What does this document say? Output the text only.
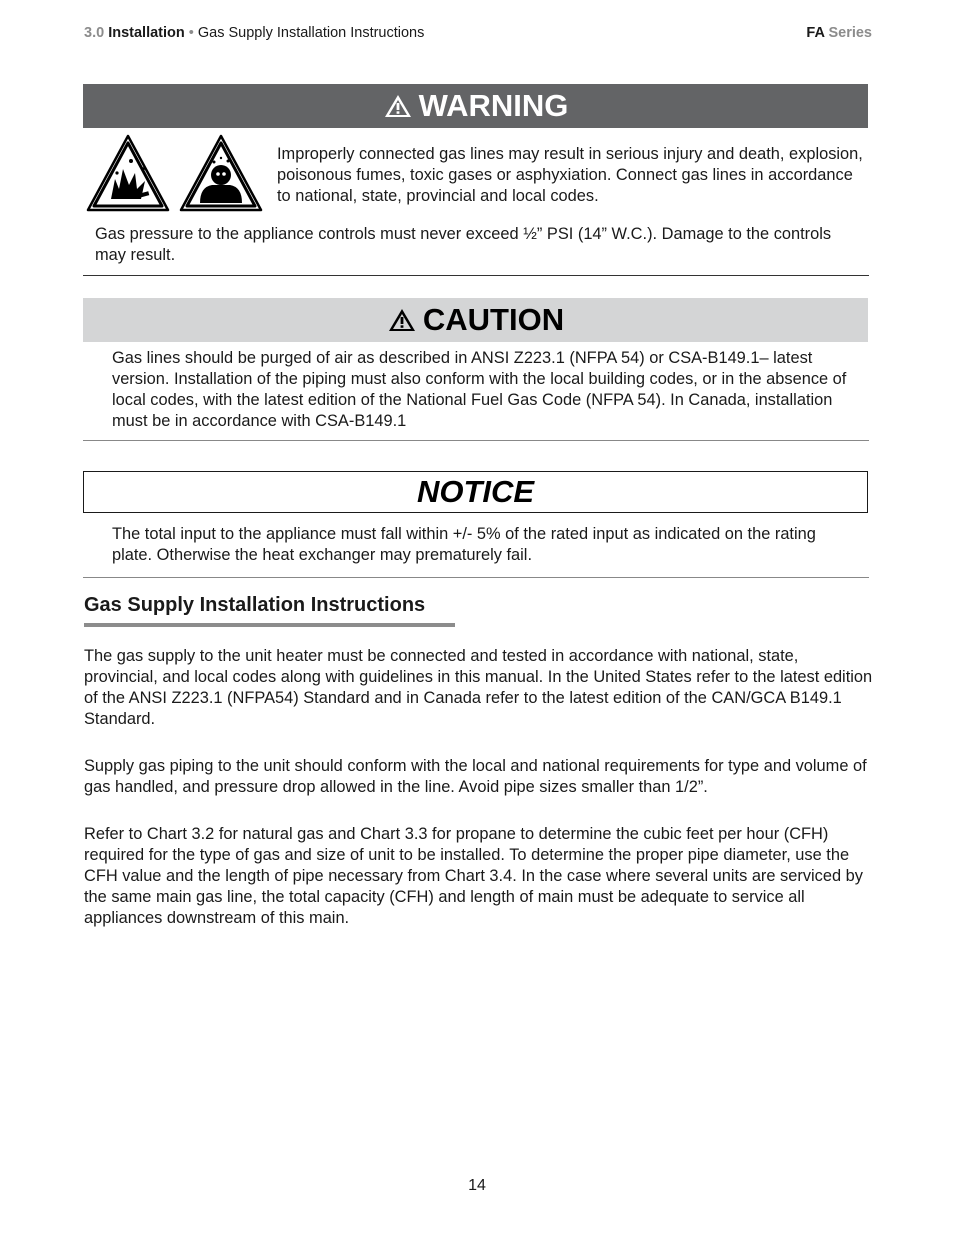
3.0 Installation • Gas Supply Installation Instructions	FA Series
WARNING

Improperly connected gas lines may result in serious injury and death, explosion, poisonous fumes, toxic gases or asphyxiation. Connect gas lines in accordance to national, state, provincial and local codes.

Gas pressure to the appliance controls must never exceed ½” PSI (14” W.C.). Damage to the controls may result.

CAUTION

Gas lines should be purged of air as described in ANSI Z223.1 (NFPA 54) or CSA-B149.1– latest version. Installation of the piping must also conform with the local building codes, or in the absence of local codes, with the latest edition of the National Fuel Gas Code (NFPA 54). In Canada, installation must be in accordance with CSA-B149.1

NOTICE

The total input to the appliance must fall within +/- 5% of the rated input as indicated on the rating plate. Otherwise the heat exchanger may prematurely fail.

Gas Supply Installation Instructions

The gas supply to the unit heater must be connected and tested in accordance with national, state, provincial, and local codes along with guidelines in this manual. In the United States refer to the latest edition of the ANSI Z223.1 (NFPA54) Standard and in Canada refer to the latest edition of the CAN/GCA B149.1 Standard.

Supply gas piping to the unit should conform with the local and national requirements for type and volume of gas handled, and pressure drop allowed in the line. Avoid pipe sizes smaller than 1/2”.

Refer to Chart 3.2 for natural gas and Chart 3.3 for propane to determine the cubic feet per hour (CFH) required for the type of gas and size of unit to be installed. To determine the proper pipe diameter, use the CFH value and the length of pipe necessary from Chart 3.4. In the case where several units are serviced by the same main gas line, the total capacity (CFH) and length of main must be adequate to service all appliances downstream of this main.

14
